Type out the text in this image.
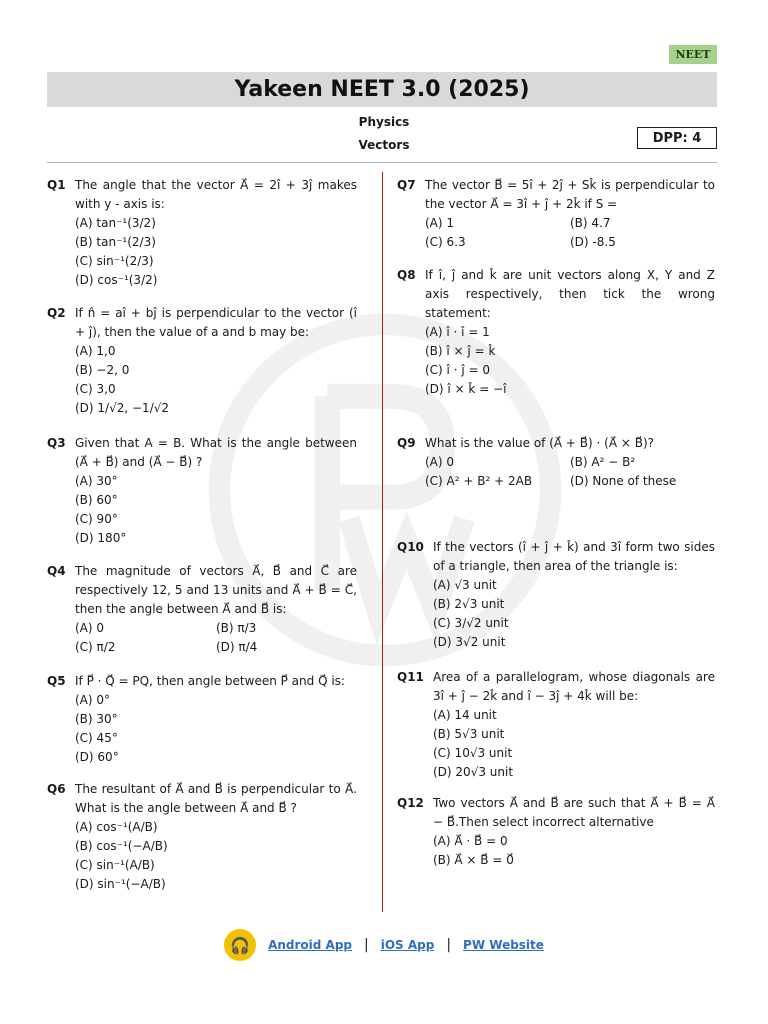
NEET
Yakeen NEET 3.0 (2025)
Physics
Vectors	DPP: 4
Q1 The angle that the vector A⃗ = 2î + 3ĵ makes with y - axis is:
(A) tan⁻¹(3/2)
(B) tan⁻¹(2/3)
(C) sin⁻¹(2/3)
(D) cos⁻¹(3/2)
Q2 If n̂ = aî + bĵ is perpendicular to the vector (î + ĵ), then the value of a and b may be:
(A) 1,0
(B) −2, 0
(C) 3,0
(D) 1/√2, −1/√2
Q3 Given that A = B. What is the angle between (A⃗ + B⃗) and (A⃗ − B⃗) ?
(A) 30°
(B) 60°
(C) 90°
(D) 180°
Q4 The magnitude of vectors A⃗, B⃗ and C⃗ are respectively 12, 5 and 13 units and A⃗ + B⃗ = C⃗, then the angle between A⃗ and B⃗ is:
(A) 0	(B) π/3
(C) π/2	(D) π/4
Q5 If P⃗ · Q⃗ = PQ, then angle between P⃗ and Q⃗ is:
(A) 0°
(B) 30°
(C) 45°
(D) 60°
Q6 The resultant of A⃗ and B⃗ is perpendicular to A⃗. What is the angle between A⃗ and B⃗ ?
(A) cos⁻¹(A/B)
(B) cos⁻¹(−A/B)
(C) sin⁻¹(A/B)
(D) sin⁻¹(−A/B)
Q7 The vector B⃗ = 5î + 2ĵ + Sk̂ is perpendicular to the vector A⃗ = 3î + ĵ + 2k̂ if S =
(A) 1	(B) 4.7
(C) 6.3	(D) -8.5
Q8 If î, ĵ and k̂ are unit vectors along X, Y and Z axis respectively, then tick the wrong statement:
(A) î · î = 1
(B) î × ĵ = k̂
(C) î · ĵ = 0
(D) î × k̂ = −î
Q9 What is the value of (A⃗ + B⃗) · (A⃗ × B⃗)?
(A) 0	(B) A² − B²
(C) A² + B² + 2AB	(D) None of these
Q10 If the vectors (î + ĵ + k̂) and 3î form two sides of a triangle, then area of the triangle is:
(A) √3 unit
(B) 2√3 unit
(C) 3/√2 unit
(D) 3√2 unit
Q11 Area of a parallelogram, whose diagonals are 3î + ĵ − 2k̂ and î − 3ĵ + 4k̂ will be:
(A) 14 unit
(B) 5√3 unit
(C) 10√3 unit
(D) 20√3 unit
Q12 Two vectors A⃗ and B⃗ are such that A⃗ + B⃗ = A⃗ − B⃗.Then select incorrect alternative
(A) A⃗ · B⃗ = 0
(B) A⃗ × B⃗ = 0⃗
🎧	Android App | iOS App | PW Website
